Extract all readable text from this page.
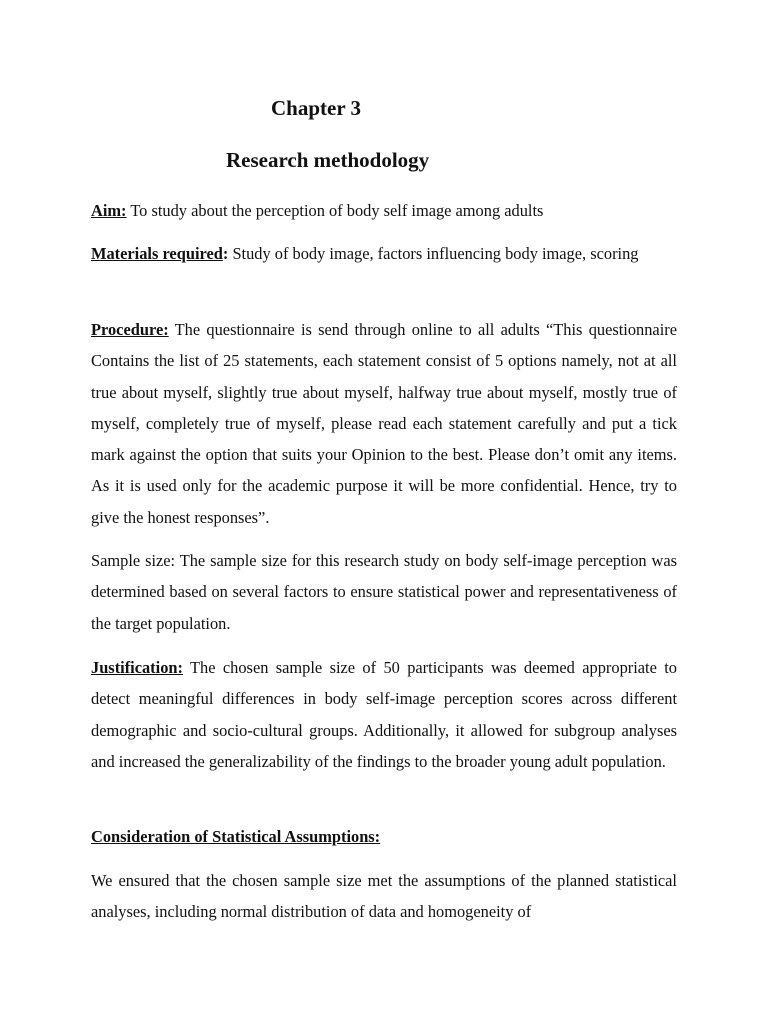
Chapter 3
Research methodology

Aim: To study about the perception of body self image among adults

Materials required: Study of body image, factors influencing body image, scoring

Procedure: The questionnaire is send through online to all adults “This questionnaire Contains the list of 25 statements, each statement consist of 5 options namely, not at all true about myself, slightly true about myself, halfway true about myself, mostly true of myself, completely true of myself, please read each statement carefully and put a tick mark against the option that suits your Opinion to the best. Please don’t omit any items. As it is used only for the academic purpose it will be more confidential. Hence, try to give the honest responses”.

Sample size: The sample size for this research study on body self-image perception was determined based on several factors to ensure statistical power and representativeness of the target population.

Justification: The chosen sample size of 50 participants was deemed appropriate to detect meaningful differences in body self-image perception scores across different demographic and socio-cultural groups. Additionally, it allowed for subgroup analyses and increased the generalizability of the findings to the broader young adult population.

Consideration of Statistical Assumptions:

We ensured that the chosen sample size met the assumptions of the planned statistical analyses, including normal distribution of data and homogeneity of
